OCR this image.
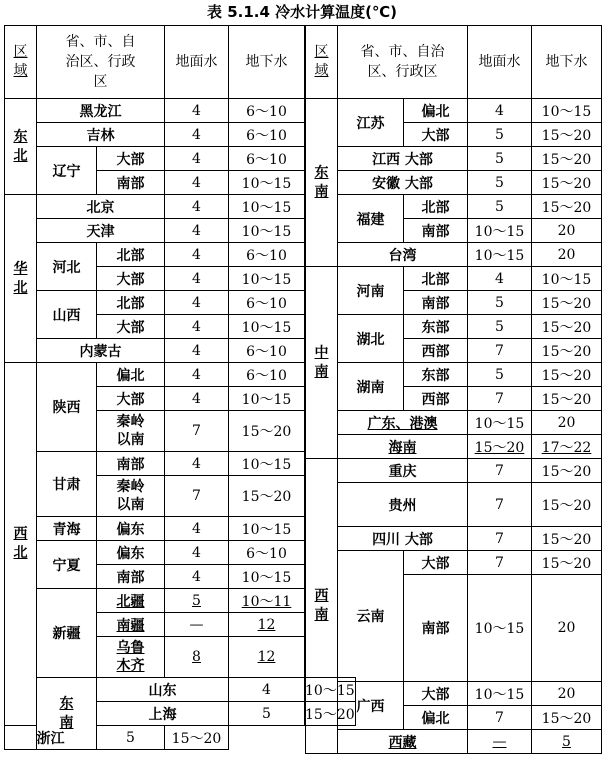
表 5.1.4 冷水计算温度(℃)
区域	省、市、自治区、行政区		地面水	地下水	
东北	黑龙江		4	6～10	
	吉林		4	6～10	
	辽宁	大部	4	6～10	
		南部	4	10～15	
华北	北京		4	10～15	
	天津		4	10～15	
	河北	北部	4	6～10	
		大部	4	10～15	
	山西	北部	4	6～10	
		大部	4	10～15	
	内蒙古		4	6～10	
西北	陕西	偏北	4	6～10	
		大部	4	10～15	
		秦岭以南	7	15～20	
	甘肃	南部	4	10～15	
		秦岭以南	7	15～20	
	青海	偏东	4	10～15	
	宁夏	偏东	4	6～10	
		南部	4	10～15	
	新疆	北疆	5	10～11	
		南疆	—	12	
		乌鲁木齐	8	12	
	东南	山东		4	10～15
		上海		5	15～20
浙江		5	15～20		
区域	省、市、自治区、行政区		地面水	地下水
东南	江苏	偏北	4	10～15
		大部	5	15～20
	江西 大部		5	15～20
	安徽 大部		5	15～20
	福建	北部	5	15～20
		南部	10～15	20
	台湾		10～15	20
中南	河南	北部	4	10～15
		南部	5	15～20
	湖北	东部	5	15～20
		西部	7	15～20
	湖南	东部	5	15～20
		西部	7	15～20
	广东、港澳		10～15	20
	海南		15～20	17～22
西南	重庆		7	15～20
	贵州		7	15～20
	四川 大部		7	15～20
	云南	大部	7	15～20
		南部	10～15	20
	广西	大部	10～15	20
		偏北	7	15～20
	西藏		—	5
